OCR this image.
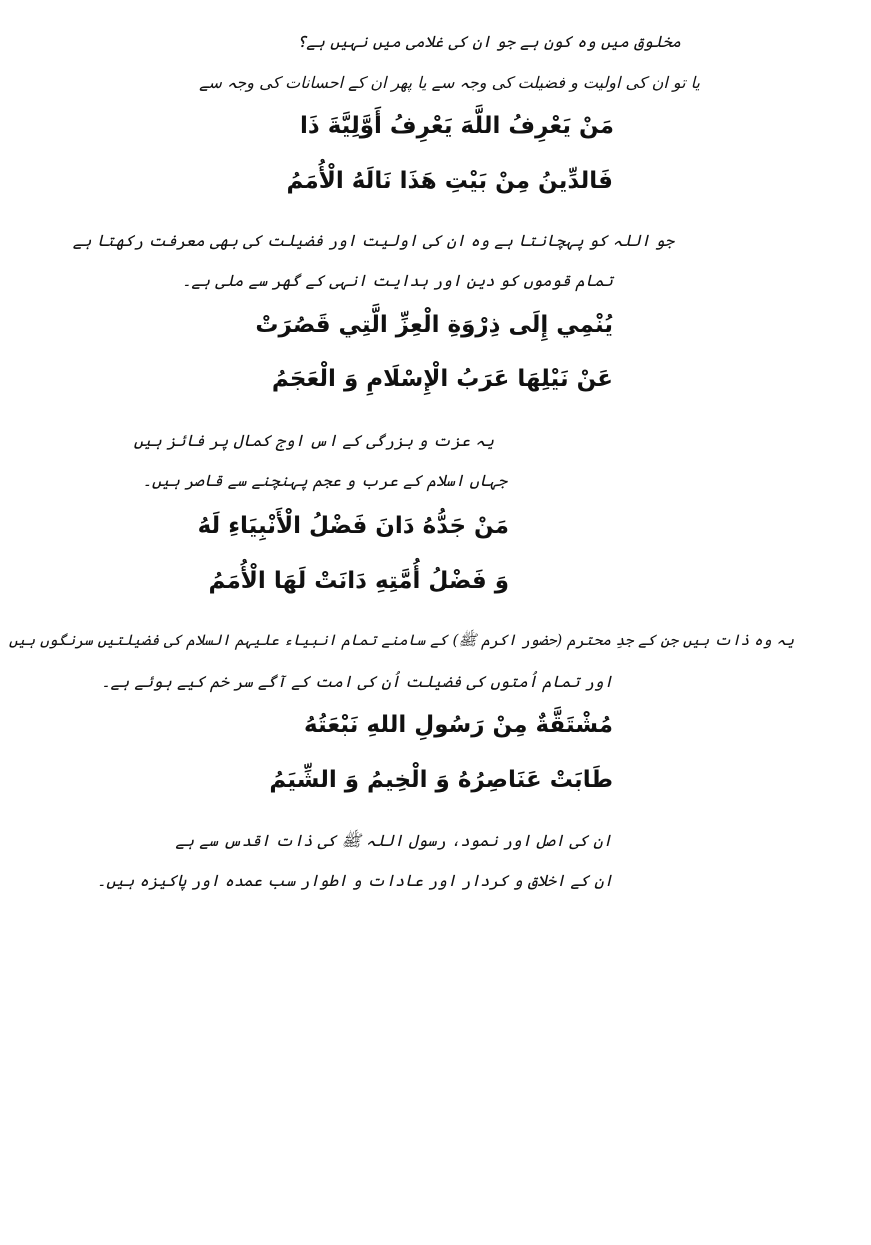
مخلوق میں وہ کون ہے جو ان کی غلامی میں نہیں ہے؟
یا تو ان کی اولیت و فضیلت کی وجہ سے یا پھر ان کے احسانات کی وجہ سے
مَنْ يَعْرِفُ اللَّهَ يَعْرِفُ أَوَّلِيَّةَ ذَا
فَالدِّينُ مِنْ بَيْتِ هَذَا نَالَهُ الْأُمَمُ
جو اللہ کو پہچانتا ہے وہ ان کی اولیت اور فضیلت کی بھی معرفت رکھتا ہے
تمام قوموں کو دین اور ہدایت انہی کے گھر سے ملی ہے۔
يُنْمِي إِلَى ذِرْوَةِ الْعِزِّ الَّتِي قَصُرَتْ
عَنْ نَيْلِهَا عَرَبُ الْإِسْلَامِ وَ الْعَجَمُ
یہ عزت و بزرگی کے اس اوج کمال پر فائز ہیں
جہاں اسلام کے عرب و عجم پہنچنے سے قاصر ہیں۔
مَنْ جَدُّهُ دَانَ فَضْلُ الْأَنْبِيَاءِ لَهُ
وَ فَضْلُ أُمَّتِهِ دَانَتْ لَهَا الْأُمَمُ
یہ وہ ذات ہیں جن کے جدِ محترم (حضور اکرم ﷺ) کے سامنے تمام انبیاء علیہم السلام کی فضیلتیں سرنگوں ہیں
اور تمام اُمتوں کی فضیلت اُن کی امت کے آگے سر خم کیے ہوئے ہے۔
مُشْتَقَّةٌ مِنْ رَسُولِ اللهِ نَبْعَتُهُ
طَابَتْ عَنَاصِرُهُ وَ الْخِيمُ وَ الشِّيَمُ
ان کی اصل اور نمود، رسول اللہ ﷺ کی ذات اقدس سے ہے
ان کے اخلاق و کردار اور عادات و اطوار سب عمدہ اور پاکیزہ ہیں۔
